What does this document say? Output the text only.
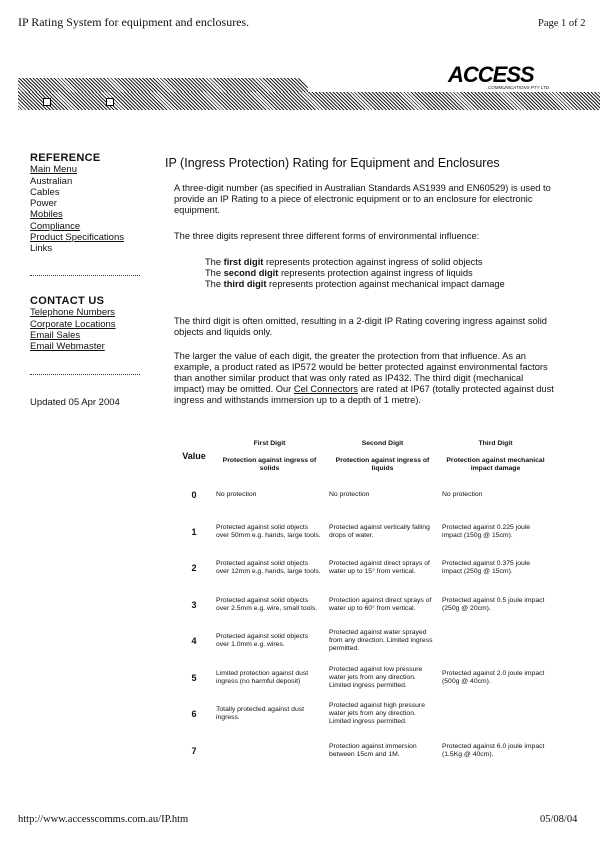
IP Rating System for equipment and enclosures.	Page 1 of 2
ACCESS
COMMUNICATIONS PTY LTD
REFERENCE
Main Menu
Australian
Cables
Power
Mobiles
Compliance
Product Specifications
Links
CONTACT US
Telephone Numbers
Corporate Locations
Email Sales
Email Webmaster
Updated 05 Apr 2004
IP (Ingress Protection) Rating for Equipment and Enclosures

A three-digit number (as specified in Australian Standards AS1939 and EN60529) is used to provide an IP Rating to a piece of electronic equipment or to an enclosure for electronic equipment.

The three digits represent three different forms of environmental influence:

The first digit represents protection against ingress of solid objects
The second digit represents protection against ingress of liquids
The third digit represents protection against mechanical impact damage

The third digit is often omitted, resulting in a 2-digit IP Rating covering ingress against solid objects and liquids only.

The larger the value of each digit, the greater the protection from that influence. As an example, a product rated as IP572 would be better protected against environmental factors than another similar product that was only rated as IP432. The third digit (mechanical impact) may be omitted. Our Cel Connectors are rated at IP67 (totally protected against dust ingress and withstands immersion up to a depth of 1 metre).

Value	First Digit	Second Digit	Third Digit
	Protection against ingress of solids	Protection against ingress of liquids	Protection against mechanical impact damage
0	No protection	No protection	No protection
1	Protected against solid objects over 50mm e.g. hands, large tools.	Protected against vertically falling drops of water.	Protected against 0.225 joule impact (150g @ 15cm).
2	Protected against solid objects over 12mm e.g. hands, large tools.	Protected against direct sprays of water up to 15° from vertical.	Protected against 0.375 joule impact (250g @ 15cm).
3	Protected against solid objects over 2.5mm e.g. wire, small tools.	Protection against direct sprays of water up to 60° from vertical.	Protected against 0.5 joule impact (250g @ 20cm).
4	Protected against solid objects over 1.0mm e.g. wires.	Protected against water sprayed from any direction. Limited ingress permitted.	
5	Limited protection against dust ingress (no harmful deposit)	Protected against low pressure water jets from any direction. Limited ingress permitted.	Protected against 2.0 joule impact (500g @ 40cm).
6	Totally protected against dust ingress.	Protected against high pressure water jets from any direction. Limited ingress permitted.	
7		Protection against immersion between 15cm and 1M.	Protected against 6.0 joule impact (1.5Kg @ 40cm).
http://www.accesscomms.com.au/IP.htm	05/08/04
